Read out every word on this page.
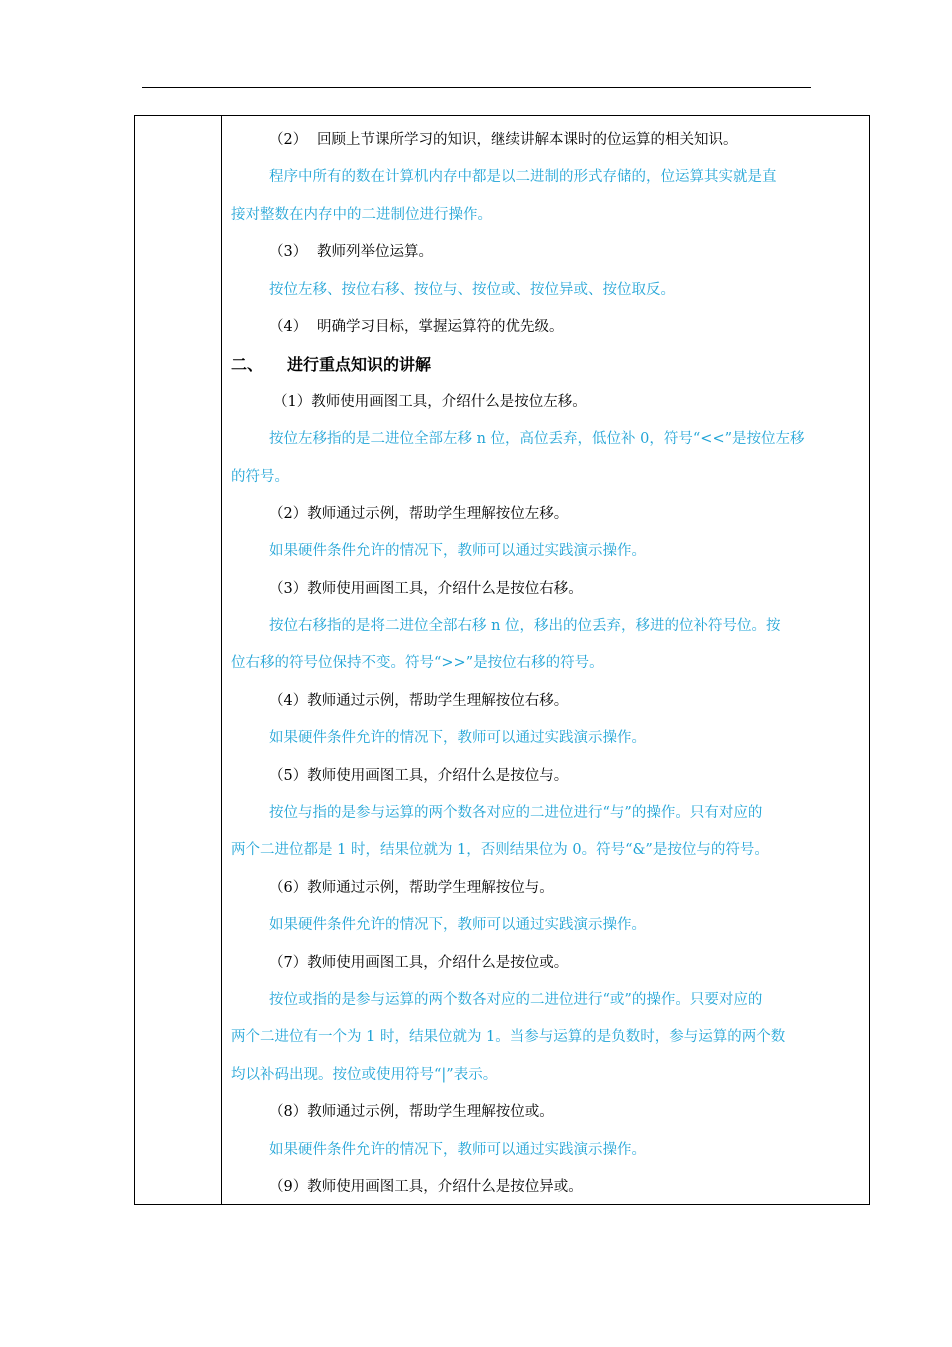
（2） 回顾上节课所学习的知识，继续讲解本课时的位运算的相关知识。
程序中所有的数在计算机内存中都是以二进制的形式存储的，位运算其实就是直
接对整数在内存中的二进制位进行操作。
（3） 教师列举位运算。
按位左移、按位右移、按位与、按位或、按位异或、按位取反。
（4） 明确学习目标，掌握运算符的优先级。
二、 进行重点知识的讲解
（1）教师使用画图工具，介绍什么是按位左移。
按位左移指的是二进位全部左移 n 位，高位丢弃，低位补 0，符号“<<”是按位左移
的符号。
（2）教师通过示例，帮助学生理解按位左移。
如果硬件条件允许的情况下，教师可以通过实践演示操作。
（3）教师使用画图工具，介绍什么是按位右移。
按位右移指的是将二进位全部右移 n 位，移出的位丢弃，移进的位补符号位。按
位右移的符号位保持不变。符号“>>”是按位右移的符号。
（4）教师通过示例，帮助学生理解按位右移。
如果硬件条件允许的情况下，教师可以通过实践演示操作。
（5）教师使用画图工具，介绍什么是按位与。
按位与指的是参与运算的两个数各对应的二进位进行“与”的操作。只有对应的
两个二进位都是 1 时，结果位就为 1，否则结果位为 0。符号“&”是按位与的符号。
（6）教师通过示例，帮助学生理解按位与。
如果硬件条件允许的情况下，教师可以通过实践演示操作。
（7）教师使用画图工具，介绍什么是按位或。
按位或指的是参与运算的两个数各对应的二进位进行“或”的操作。只要对应的
两个二进位有一个为 1 时，结果位就为 1。当参与运算的是负数时，参与运算的两个数
均以补码出现。按位或使用符号“|”表示。
（8）教师通过示例，帮助学生理解按位或。
如果硬件条件允许的情况下，教师可以通过实践演示操作。
（9）教师使用画图工具，介绍什么是按位异或。
